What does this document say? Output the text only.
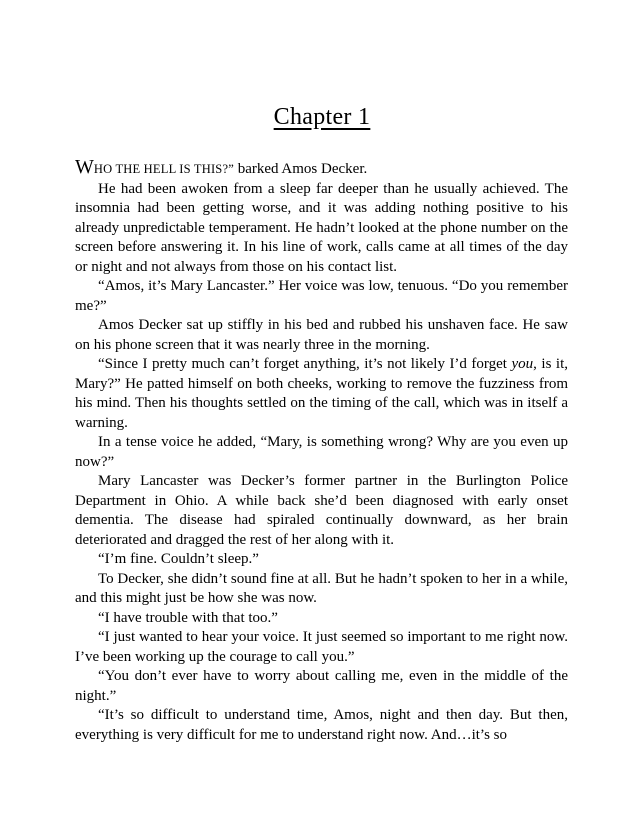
Chapter 1

WHO THE HELL IS THIS?” barked Amos Decker.

He had been awoken from a sleep far deeper than he usually achieved. The insomnia had been getting worse, and it was adding nothing positive to his already unpredictable temperament. He hadn’t looked at the phone number on the screen before answering it. In his line of work, calls came at all times of the day or night and not always from those on his contact list.

“Amos, it’s Mary Lancaster.” Her voice was low, tenuous. “Do you remember me?”

Amos Decker sat up stiffly in his bed and rubbed his unshaven face. He saw on his phone screen that it was nearly three in the morning.

“Since I pretty much can’t forget anything, it’s not likely I’d forget you, is it, Mary?” He patted himself on both cheeks, working to remove the fuzziness from his mind. Then his thoughts settled on the timing of the call, which was in itself a warning.

In a tense voice he added, “Mary, is something wrong? Why are you even up now?”

Mary Lancaster was Decker’s former partner in the Burlington Police Department in Ohio. A while back she’d been diagnosed with early onset dementia. The disease had spiraled continually downward, as her brain deteriorated and dragged the rest of her along with it.

“I’m fine. Couldn’t sleep.”

To Decker, she didn’t sound fine at all. But he hadn’t spoken to her in a while, and this might just be how she was now.

“I have trouble with that too.”

“I just wanted to hear your voice. It just seemed so important to me right now. I’ve been working up the courage to call you.”

“You don’t ever have to worry about calling me, even in the middle of the night.”

“It’s so difficult to understand time, Amos, night and then day. But then, everything is very difficult for me to understand right now. And…it’s so
